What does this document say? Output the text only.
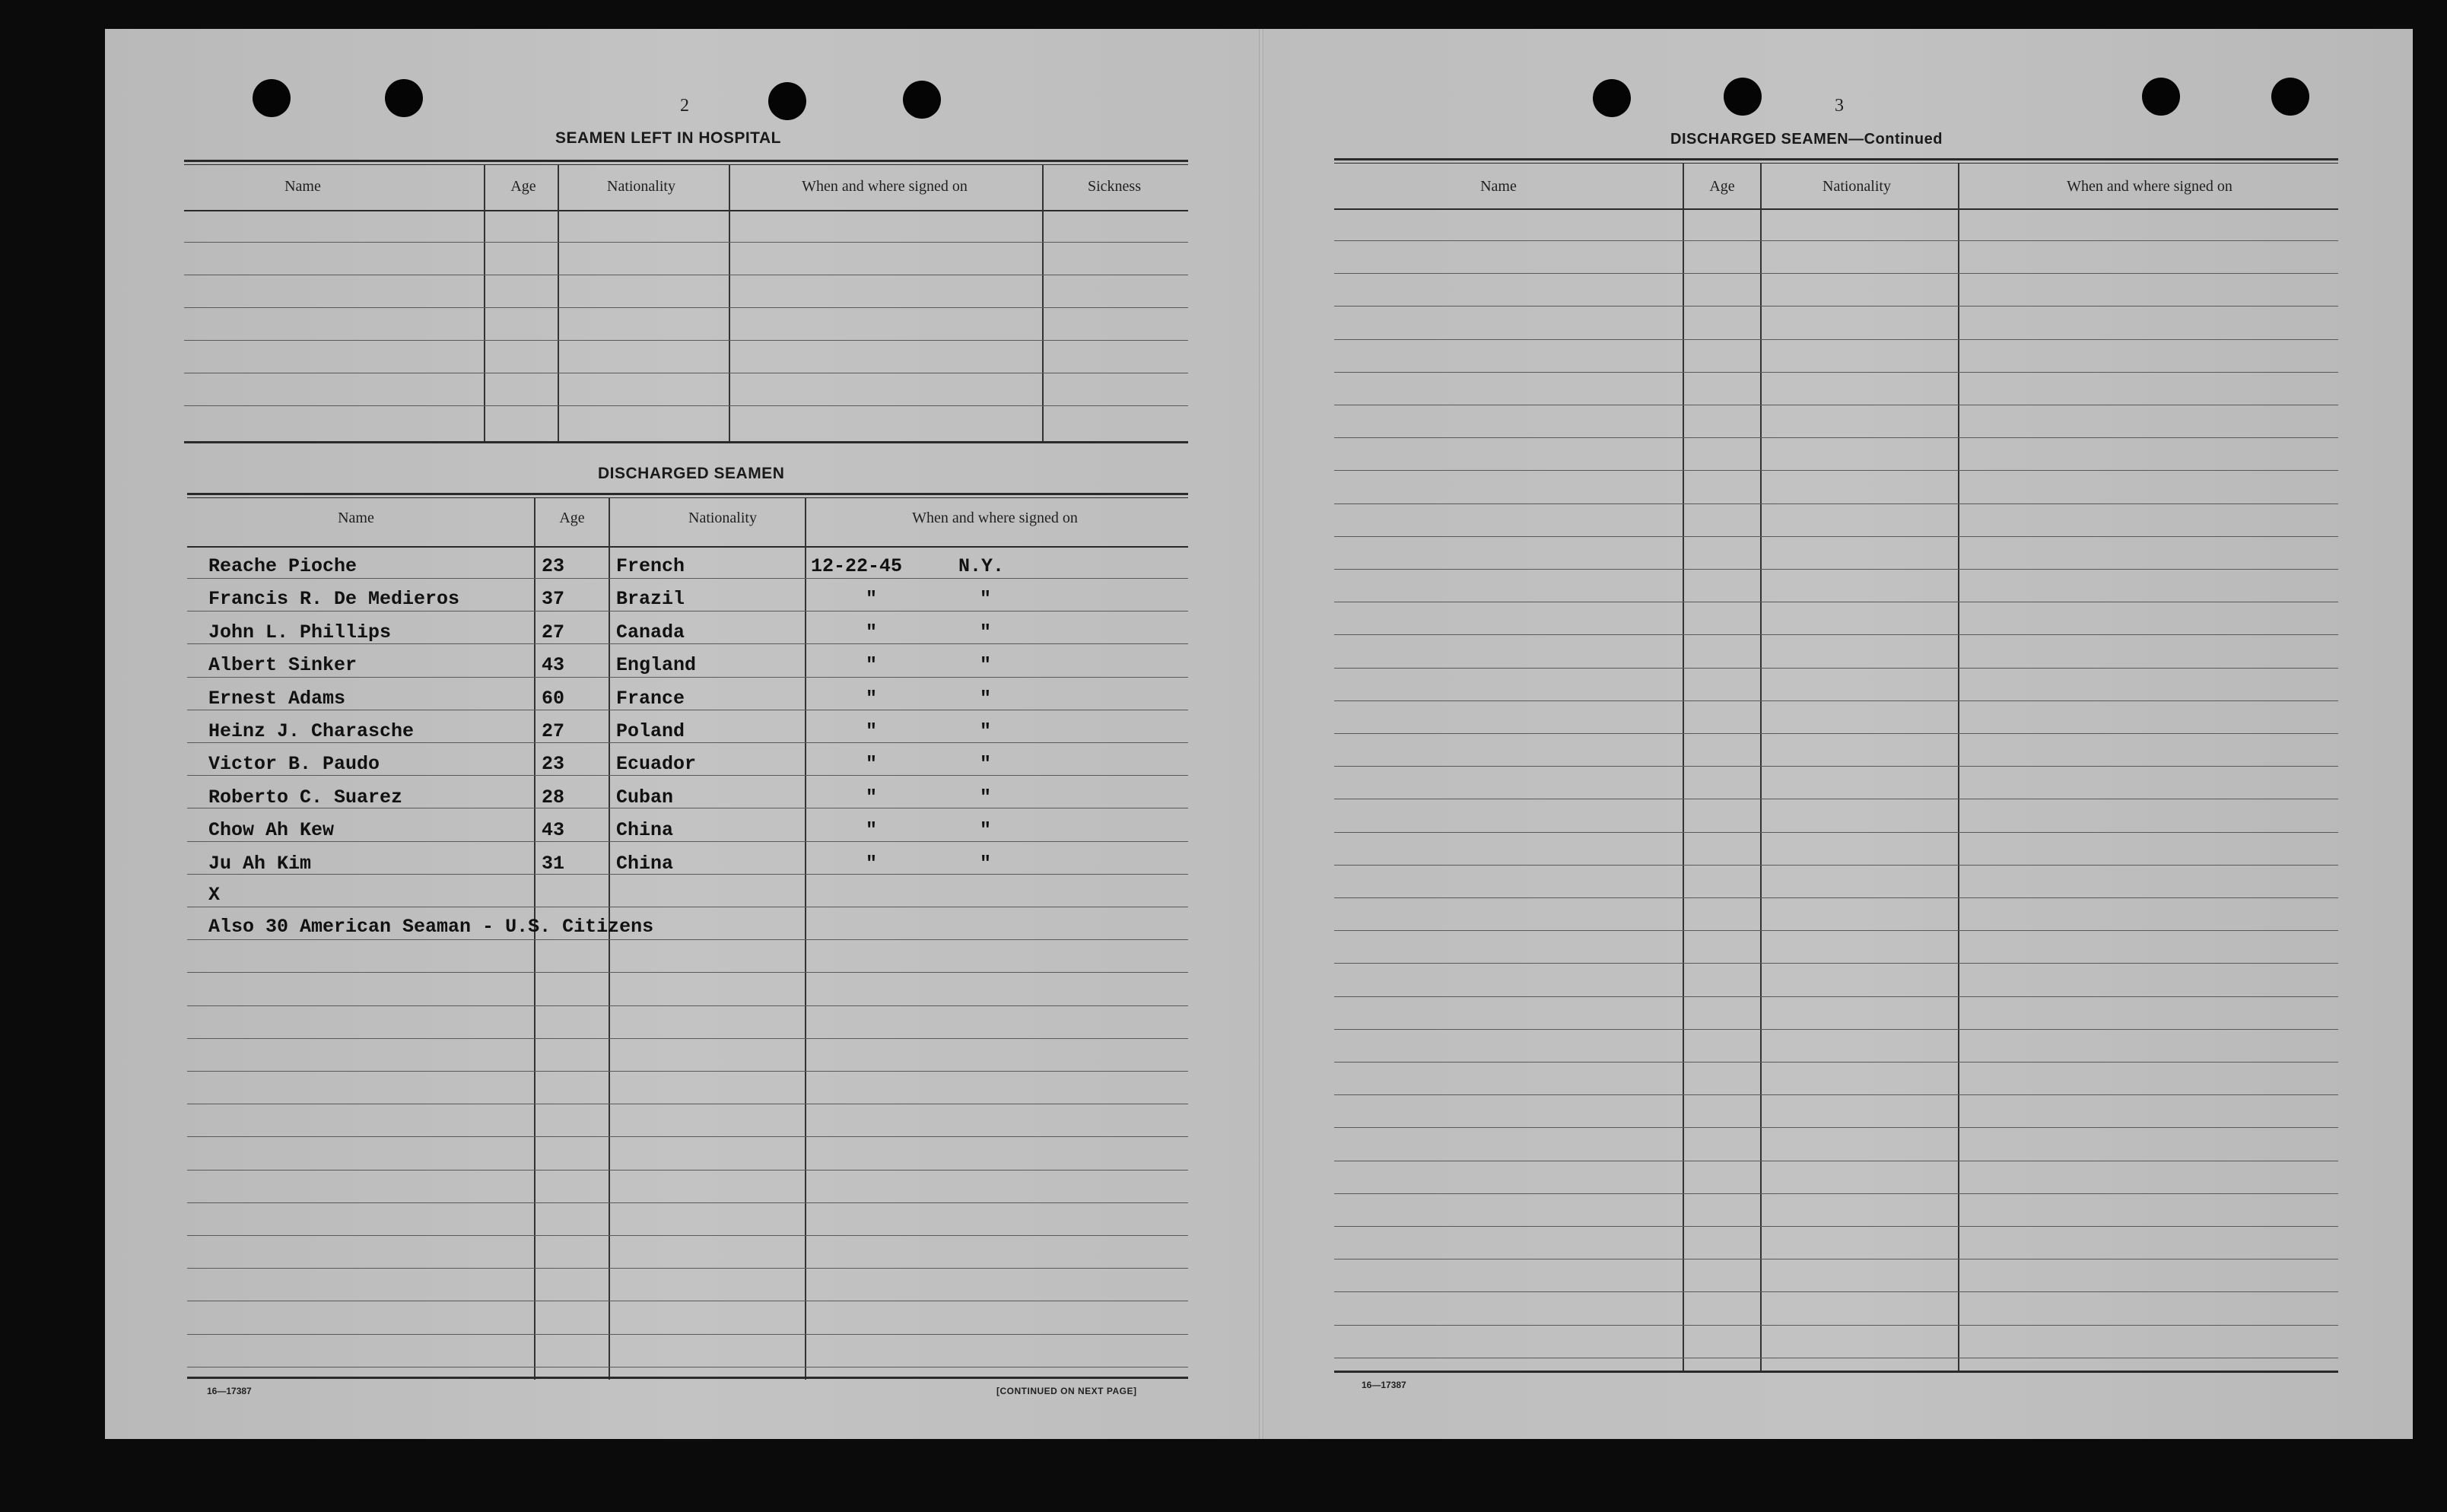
2
SEAMEN LEFT IN HOSPITAL
Name	Age	Nationality	When and where signed on	Sickness
DISCHARGED SEAMEN
Name	Age	Nationality	When and where signed on
Reache Pioche	23	French	12-22-45	N.Y.
Francis R. De Medieros	37	Brazil	"	"
John L. Phillips	27	Canada	"	"
Albert Sinker	43	England	"	"
Ernest Adams	60	France	"	"
Heinz J. Charasche	27	Poland	"	"
Victor B. Paudo	23	Ecuador	"	"
Roberto C. Suarez	28	Cuban	"	"
Chow Ah Kew	43	China	"	"
Ju Ah Kim	31	China	"	"
X
Also 30 American Seaman - U.S. Citizens
16—17387	[CONTINUED ON NEXT PAGE]
3
DISCHARGED SEAMEN—Continued
Name	Age	Nationality	When and where signed on
16—17387
